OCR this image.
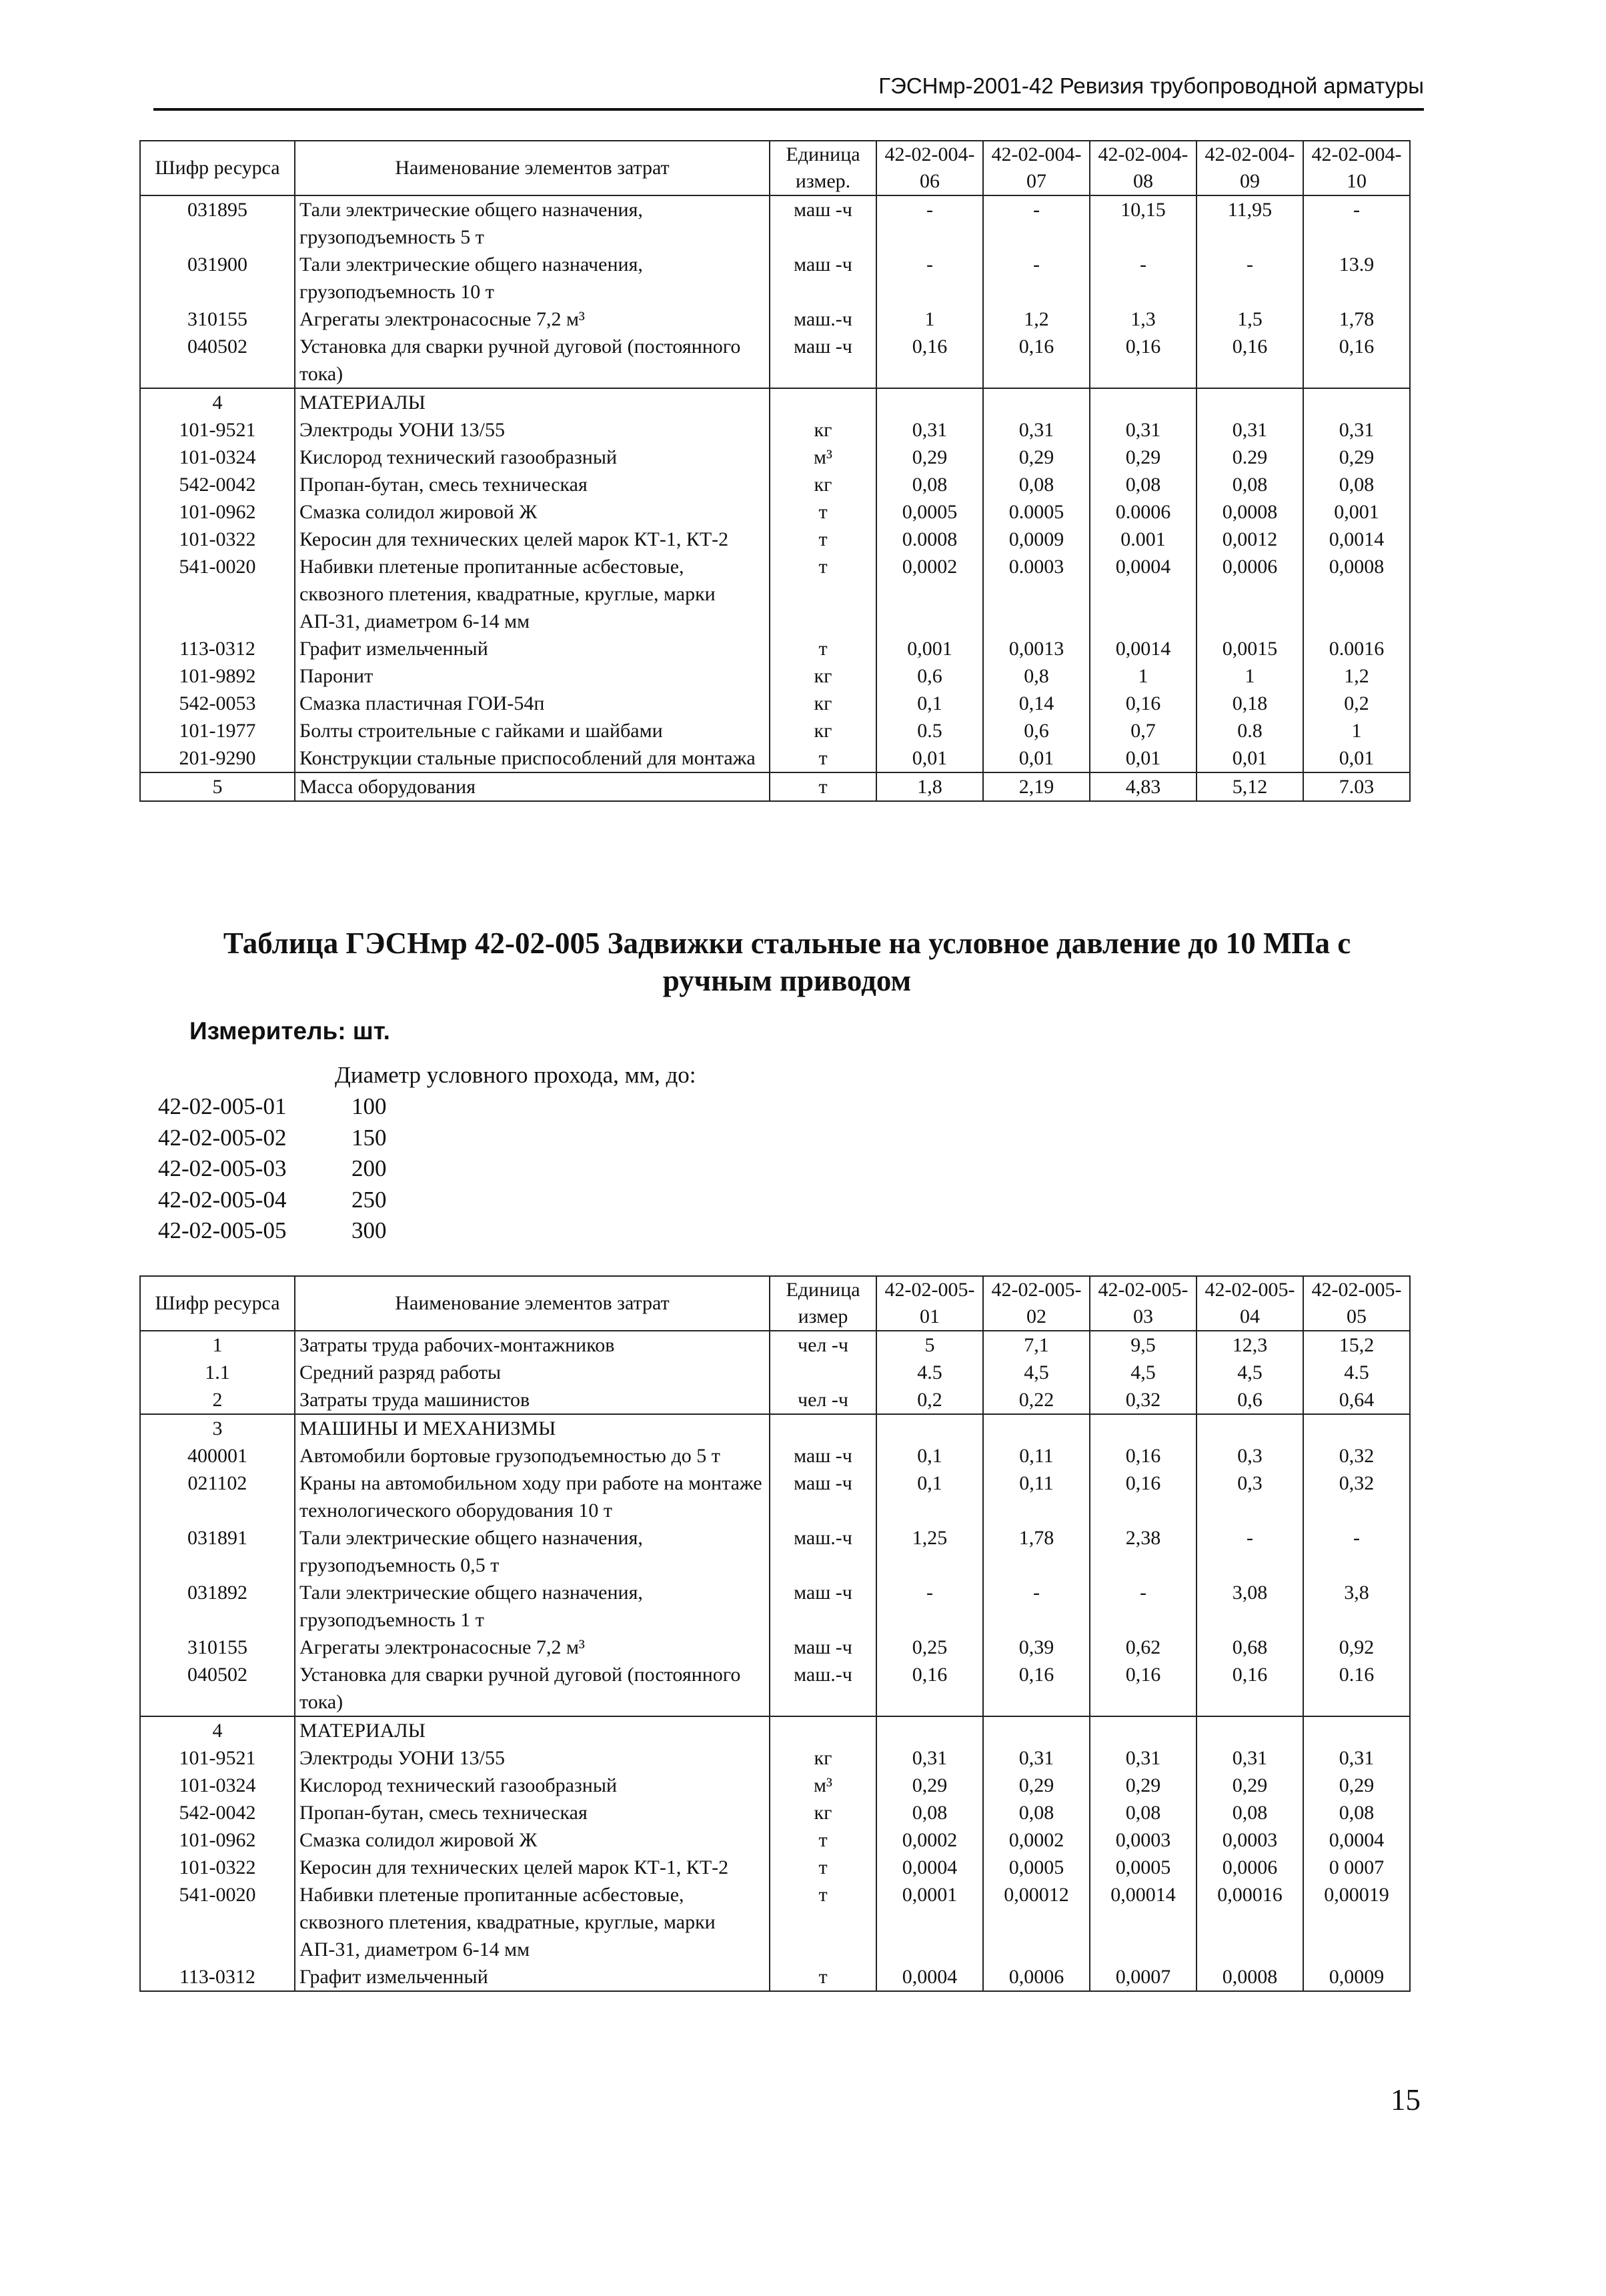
ГЭСНмр-2001-42 Ревизия трубопроводной арматуры
Шифр ресурса	Наименование элементов затрат	Единица измер.	42-02-004-06	42-02-004-07	42-02-004-08	42-02-004-09	42-02-004-10
031895	Тали электрические общего назначения, грузоподъемность 5 т	маш -ч	-	-	10,15	11,95	-
031900	Тали электрические общего назначения, грузоподъемность 10 т	маш -ч	-	-	-	-	13.9
310155	Агрегаты электронасосные 7,2 м³	маш.-ч	1	1,2	1,3	1,5	1,78
040502	Установка для сварки ручной дуговой (постоянного тока)	маш -ч	0,16	0,16	0,16	0,16	0,16
4	МАТЕРИАЛЫ						
101-9521	Электроды УОНИ 13/55	кг	0,31	0,31	0,31	0,31	0,31
101-0324	Кислород технический газообразный	м³	0,29	0,29	0,29	0.29	0,29
542-0042	Пропан-бутан, смесь техническая	кг	0,08	0,08	0,08	0,08	0,08
101-0962	Смазка солидол жировой Ж	т	0,0005	0.0005	0.0006	0,0008	0,001
101-0322	Керосин для технических целей марок КТ-1, КТ-2	т	0.0008	0,0009	0.001	0,0012	0,0014
541-0020	Набивки плетеные пропитанные асбестовые, сквозного плетения, квадратные, круглые, марки АП-31, диаметром 6-14 мм	т	0,0002	0.0003	0,0004	0,0006	0,0008
113-0312	Графит измельченный	т	0,001	0,0013	0,0014	0,0015	0.0016
101-9892	Паронит	кг	0,6	0,8	1	1	1,2
542-0053	Смазка пластичная ГОИ-54п	кг	0,1	0,14	0,16	0,18	0,2
101-1977	Болты строительные с гайками и шайбами	кг	0.5	0,6	0,7	0.8	1
201-9290	Конструкции стальные приспособлений для монтажа	т	0,01	0,01	0,01	0,01	0,01
5	Масса оборудования	т	1,8	2,19	4,83	5,12	7.03
Таблица ГЭСНмр 42-02-005 Задвижки стальные на условное давление до 10 МПа с
ручным приводом
Измеритель: шт.
Диаметр условного прохода, мм, до:
42-02-005-01	100
42-02-005-02	150
42-02-005-03	200
42-02-005-04	250
42-02-005-05	300
Шифр ресурса	Наименование элементов затрат	Единица измер	42-02-005-01	42-02-005-02	42-02-005-03	42-02-005-04	42-02-005-05
1	Затраты труда рабочих-монтажников	чел -ч	5	7,1	9,5	12,3	15,2
1.1	Средний разряд работы		4.5	4,5	4,5	4,5	4.5
2	Затраты труда машинистов	чел -ч	0,2	0,22	0,32	0,6	0,64
3	МАШИНЫ И МЕХАНИЗМЫ						
400001	Автомобили бортовые грузоподъемностью до 5 т	маш -ч	0,1	0,11	0,16	0,3	0,32
021102	Краны на автомобильном ходу при работе на монтаже технологического оборудования 10 т	маш -ч	0,1	0,11	0,16	0,3	0,32
031891	Тали электрические общего назначения, грузоподъемность 0,5 т	маш.-ч	1,25	1,78	2,38	-	-
031892	Тали электрические общего назначения, грузоподъемность 1 т	маш -ч	-	-	-	3,08	3,8
310155	Агрегаты электронасосные 7,2 м³	маш -ч	0,25	0,39	0,62	0,68	0,92
040502	Установка для сварки ручной дуговой (постоянного тока)	маш.-ч	0,16	0,16	0,16	0,16	0.16
4	МАТЕРИАЛЫ						
101-9521	Электроды УОНИ 13/55	кг	0,31	0,31	0,31	0,31	0,31
101-0324	Кислород технический газообразный	м³	0,29	0,29	0,29	0,29	0,29
542-0042	Пропан-бутан, смесь техническая	кг	0,08	0,08	0,08	0,08	0,08
101-0962	Смазка солидол жировой Ж	т	0,0002	0,0002	0,0003	0,0003	0,0004
101-0322	Керосин для технических целей марок КТ-1, КТ-2	т	0,0004	0,0005	0,0005	0,0006	0 0007
541-0020	Набивки плетеные пропитанные асбестовые, сквозного плетения, квадратные, круглые, марки АП-31, диаметром 6-14 мм	т	0,0001	0,00012	0,00014	0,00016	0,00019
113-0312	Графит измельченный	т	0,0004	0,0006	0,0007	0,0008	0,0009
15
